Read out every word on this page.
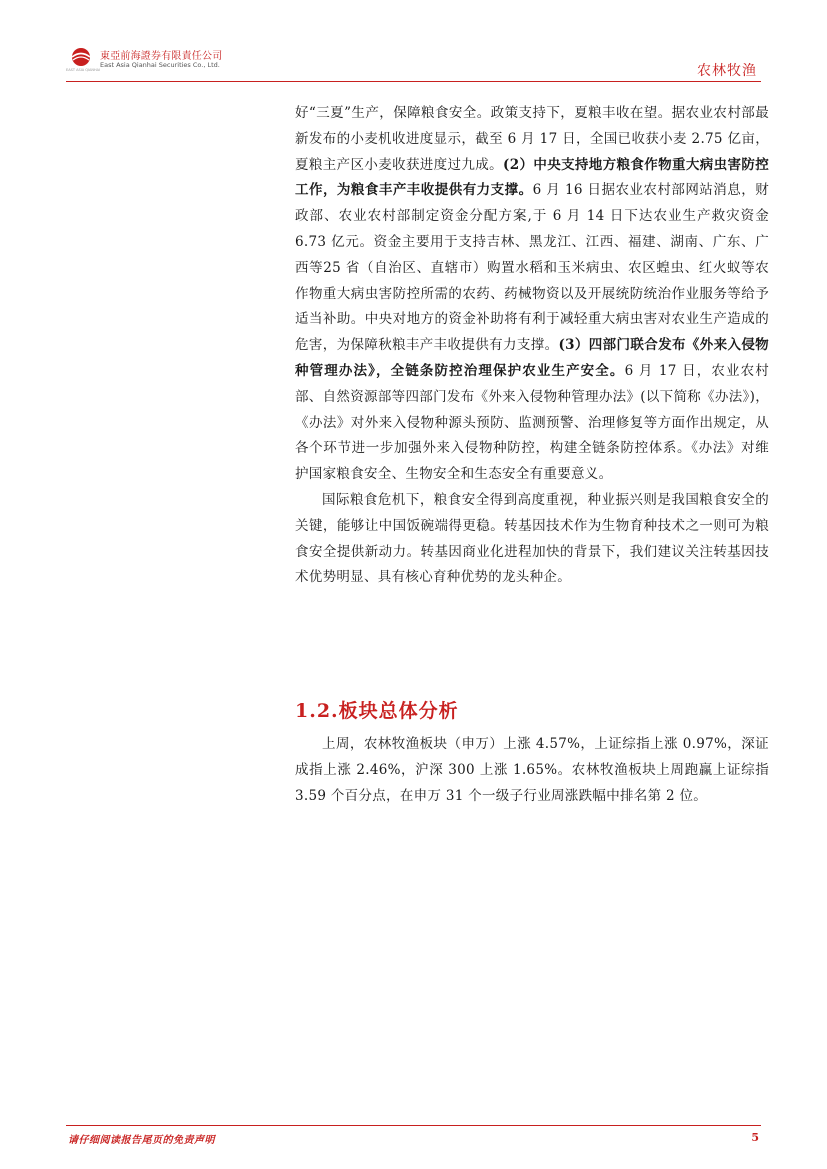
東亞前海證券有限責任公司
East Asia Qianhai Securities Co., Ltd.
EAST ASIA QIANHAI	农林牧渔

好“三夏”生产，保障粮食安全。政策支持下，夏粮丰收在望。据农业农村部最新发布的小麦机收进度显示，截至 6 月 17 日，全国已收获小麦 2.75 亿亩，夏粮主产区小麦收获进度过九成。(2）中央支持地方粮食作物重大病虫害防控工作，为粮食丰产丰收提供有力支撑。6 月 16 日据农业农村部网站消息，财政部、农业农村部制定资金分配方案,于 6 月 14 日下达农业生产救灾资金 6.73 亿元。资金主要用于支持吉林、黑龙江、江西、福建、湖南、广东、广西等25 省（自治区、直辖市）购置水稻和玉米病虫、农区蝗虫、红火蚁等农作物重大病虫害防控所需的农药、药械物资以及开展统防统治作业服务等给予适当补助。中央对地方的资金补助将有利于减轻重大病虫害对农业生产造成的危害，为保障秋粮丰产丰收提供有力支撑。(3）四部门联合发布《外来入侵物种管理办法》，全链条防控治理保护农业生产安全。6 月 17 日，农业农村部、自然资源部等四部门发布《外来入侵物种管理办法》(以下简称《办法》)，《办法》对外来入侵物种源头预防、监测预警、治理修复等方面作出规定，从各个环节进一步加强外来入侵物种防控，构建全链条防控体系。《办法》对维护国家粮食安全、生物安全和生态安全有重要意义。

国际粮食危机下，粮食安全得到高度重视，种业振兴则是我国粮食安全的关键，能够让中国饭碗端得更稳。转基因技术作为生物育种技术之一则可为粮食安全提供新动力。转基因商业化进程加快的背景下，我们建议关注转基因技术优势明显、具有核心育种优势的龙头种企。

1.2.板块总体分析

上周，农林牧渔板块（申万）上涨 4.57%，上证综指上涨 0.97%，深证成指上涨 2.46%，沪深 300 上涨 1.65%。农林牧渔板块上周跑赢上证综指 3.59 个百分点，在申万 31 个一级子行业周涨跌幅中排名第 2 位。

请仔细阅读报告尾页的免责声明	5
